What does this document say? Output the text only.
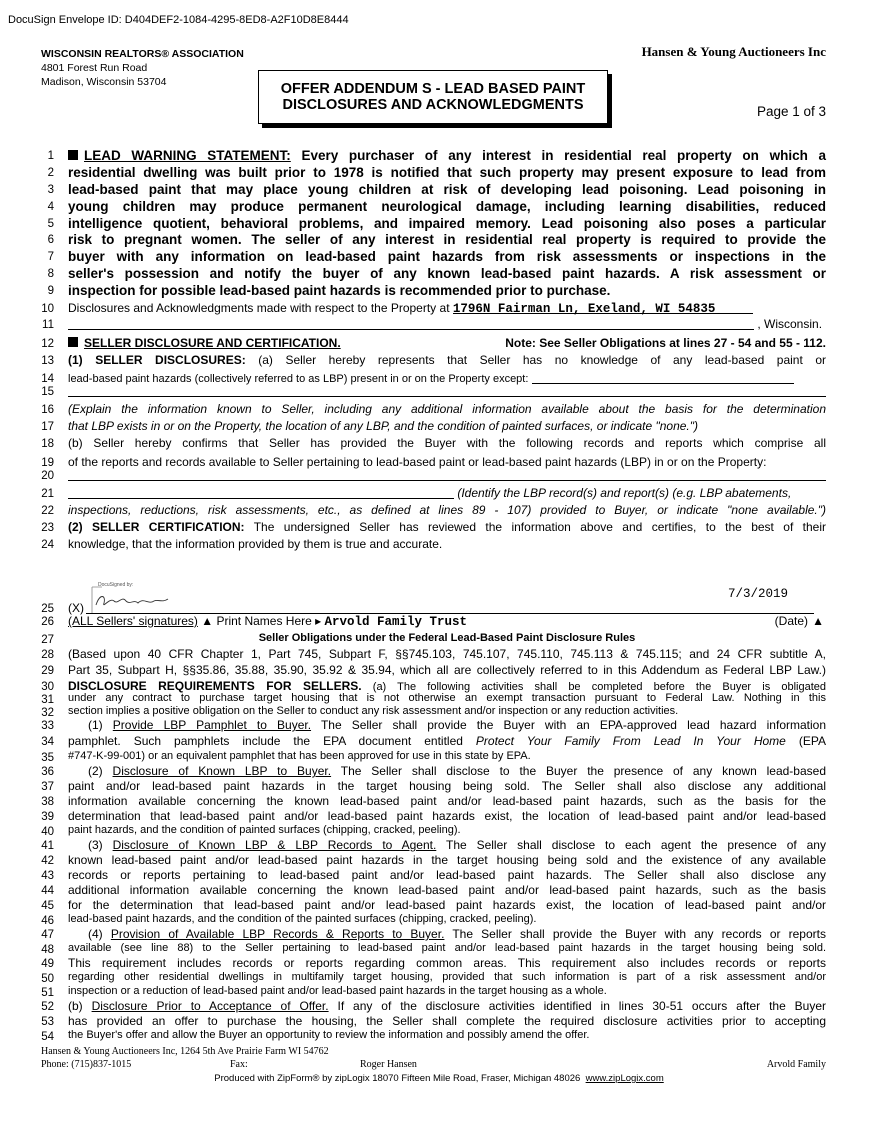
DocuSign Envelope ID: D404DEF2-1084-4295-8ED8-A2F10D8E8444
WISCONSIN REALTORS® ASSOCIATION
4801 Forest Run Road
Madison, Wisconsin 53704
Hansen & Young Auctioneers Inc
OFFER ADDENDUM S - LEAD BASED PAINT
DISCLOSURES AND ACKNOWLEDGMENTS	Page 1 of 3
1
2
3
4
5
6
7
8
9
10
11
12
13
14
15
16
17
18
19
20
21
22
23
24
25
26
27
28
29
30
31
32
33
34
35
36
37
38
39
40
41
42
43
44
45
46
47
48
49
50
51
52
53
54
LEAD WARNING STATEMENT: Every purchaser of any interest in residential real property on which a
residential dwelling was built prior to 1978 is notified that such property may present exposure to lead from
lead-based paint that may place young children at risk of developing lead poisoning. Lead poisoning in
young children may produce permanent neurological damage, including learning disabilities, reduced
intelligence quotient, behavioral problems, and impaired memory. Lead poisoning also poses a particular
risk to pregnant women. The seller of any interest in residential real property is required to provide the
buyer with any information on lead-based paint hazards from risk assessments or inspections in the
seller's possession and notify the buyer of any known lead-based paint hazards. A risk assessment or
inspection for possible lead-based paint hazards is recommended prior to purchase.
Disclosures and Acknowledgments made with respect to the Property at 1796N Fairman Ln, Exeland, WI 54835
, Wisconsin.
SELLER DISCLOSURE AND CERTIFICATION.	Note: See Seller Obligations at lines 27 - 54 and 55 - 112.
(1) SELLER DISCLOSURES: (a) Seller hereby represents that Seller has no knowledge of any lead-based paint or
lead-based paint hazards (collectively referred to as LBP) present in or on the Property except:
(Explain the information known to Seller, including any additional information available about the basis for the determination
that LBP exists in or on the Property, the location of any LBP, and the condition of painted surfaces, or indicate "none.")
(b) Seller hereby confirms that Seller has provided the Buyer with the following records and reports which comprise all
of the reports and records available to Seller pertaining to lead-based paint or lead-based paint hazards (LBP) in or on the Property:
(Identify the LBP record(s) and report(s) (e.g. LBP abatements,
inspections, reductions, risk assessments, etc., as defined at lines 89 - 107) provided to Buyer, or indicate "none available.")
(2) SELLER CERTIFICATION: The undersigned Seller has reviewed the information above and certifies, to the best of their
knowledge, that the information provided by them is true and accurate.
DocuSigned by:
7/3/2019
(X)
(ALL Sellers' signatures) ▲ Print Names Here ▸ Arvold Family Trust	(Date) ▲
Seller Obligations under the Federal Lead-Based Paint Disclosure Rules
(Based upon 40 CFR Chapter 1, Part 745, Subpart F, §§745.103, 745.107, 745.110, 745.113 & 745.115; and 24 CFR subtitle A,
Part 35, Subpart H, §§35.86, 35.88, 35.90, 35.92 & 35.94, which all are collectively referred to in this Addendum as Federal LBP Law.)
DISCLOSURE REQUIREMENTS FOR SELLERS. (a) The following activities shall be completed before the Buyer is obligated
under any contract to purchase target housing that is not otherwise an exempt transaction pursuant to Federal Law. Nothing in this
section implies a positive obligation on the Seller to conduct any risk assessment and/or inspection or any reduction activities.
(1) Provide LBP Pamphlet to Buyer. The Seller shall provide the Buyer with an EPA-approved lead hazard information
pamphlet. Such pamphlets include the EPA document entitled Protect Your Family From Lead In Your Home (EPA
#747-K-99-001) or an equivalent pamphlet that has been approved for use in this state by EPA.
(2) Disclosure of Known LBP to Buyer. The Seller shall disclose to the Buyer the presence of any known lead-based
paint and/or lead-based paint hazards in the target housing being sold. The Seller shall also disclose any additional
information available concerning the known lead-based paint and/or lead-based paint hazards, such as the basis for the
determination that lead-based paint and/or lead-based paint hazards exist, the location of lead-based paint and/or lead-based
paint hazards, and the condition of painted surfaces (chipping, cracked, peeling).
(3) Disclosure of Known LBP & LBP Records to Agent. The Seller shall disclose to each agent the presence of any
known lead-based paint and/or lead-based paint hazards in the target housing being sold and the existence of any available
records or reports pertaining to lead-based paint and/or lead-based paint hazards. The Seller shall also disclose any
additional information available concerning the known lead-based paint and/or lead-based paint hazards, such as the basis
for the determination that lead-based paint and/or lead-based paint hazards exist, the location of lead-based paint and/or
lead-based paint hazards, and the condition of the painted surfaces (chipping, cracked, peeling).
(4) Provision of Available LBP Records & Reports to Buyer. The Seller shall provide the Buyer with any records or reports
available (see line 88) to the Seller pertaining to lead-based paint and/or lead-based paint hazards in the target housing being sold.
This requirement includes records or reports regarding common areas. This requirement also includes records or reports
regarding other residential dwellings in multifamily target housing, provided that such information is part of a risk assessment and/or
inspection or a reduction of lead-based paint and/or lead-based paint hazards in the target housing as a whole.
(b) Disclosure Prior to Acceptance of Offer. If any of the disclosure activities identified in lines 30-51 occurs after the Buyer
has provided an offer to purchase the housing, the Seller shall complete the required disclosure activities prior to accepting
the Buyer's offer and allow the Buyer an opportunity to review the information and possibly amend the offer.
Hansen & Young Auctioneers Inc, 1264 5th Ave Prairie Farm WI 54762
Phone: (715)837-1015	Fax:	Roger Hansen	Arvold Family
Produced with ZipForm® by zipLogix 18070 Fifteen Mile Road, Fraser, Michigan 48026 www.zipLogix.com
